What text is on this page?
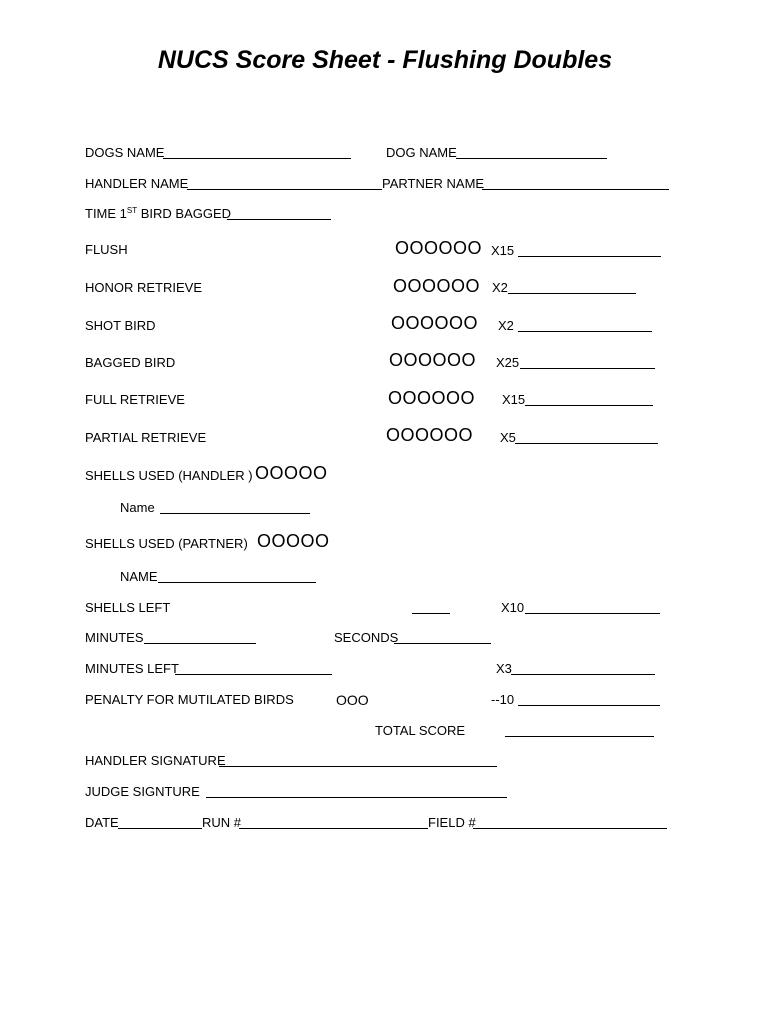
NUCS Score Sheet - Flushing Doubles
DOGS NAME	DOG NAME
HANDLER NAME	PARTNER NAME
TIME 1ST BIRD BAGGED
FLUSH	OOOOOO X15
HONOR RETRIEVE	OOOOOO X2
SHOT BIRD	OOOOOO X2
BAGGED BIRD	OOOOOO X25
FULL RETRIEVE	OOOOOO X15
PARTIAL RETRIEVE	OOOOOO X5
SHELLS USED (HANDLER ) OOOOO
Name
SHELLS USED (PARTNER) OOOOO
NAME
SHELLS LEFT	X10
MINUTES	SECONDS
MINUTES LEFT	X3
PENALTY FOR MUTILATED BIRDS	OOO	--10
TOTAL SCORE
HANDLER SIGNATURE
JUDGE SIGNTURE
DATE	RUN #	FIELD #
